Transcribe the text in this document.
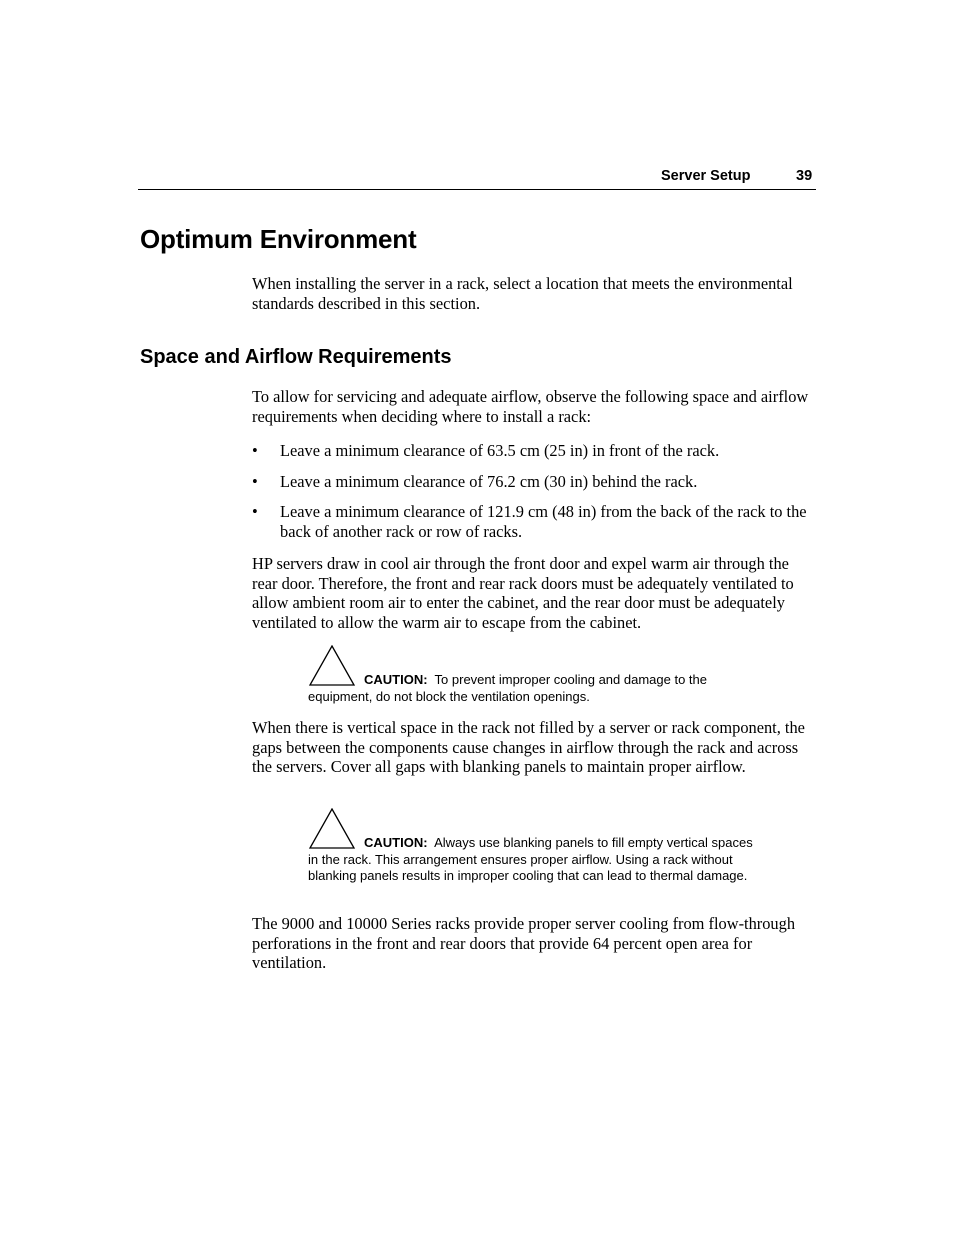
Server Setup	39
Optimum Environment

When installing the server in a rack, select a location that meets the environmental standards described in this section.

Space and Airflow Requirements

To allow for servicing and adequate airflow, observe the following space and airflow requirements when deciding where to install a rack:

• Leave a minimum clearance of 63.5 cm (25 in) in front of the rack.
• Leave a minimum clearance of 76.2 cm (30 in) behind the rack.
• Leave a minimum clearance of 121.9 cm (48 in) from the back of the rack to the back of another rack or row of racks.

HP servers draw in cool air through the front door and expel warm air through the rear door. Therefore, the front and rear rack doors must be adequately ventilated to allow ambient room air to enter the cabinet, and the rear door must be adequately ventilated to allow the warm air to escape from the cabinet.

CAUTION: To prevent improper cooling and damage to the equipment, do not block the ventilation openings.

When there is vertical space in the rack not filled by a server or rack component, the gaps between the components cause changes in airflow through the rack and across the servers. Cover all gaps with blanking panels to maintain proper airflow.

CAUTION: Always use blanking panels to fill empty vertical spaces in the rack. This arrangement ensures proper airflow. Using a rack without blanking panels results in improper cooling that can lead to thermal damage.

The 9000 and 10000 Series racks provide proper server cooling from flow-through perforations in the front and rear doors that provide 64 percent open area for ventilation.
